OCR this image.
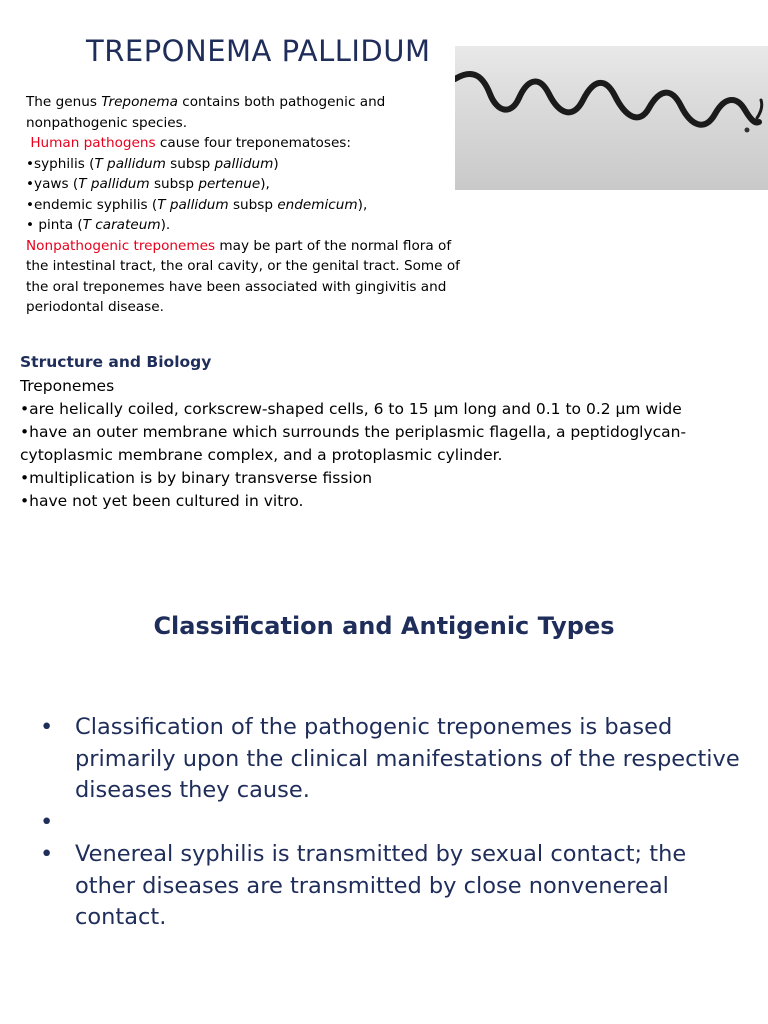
TREPONEMA PALLIDUM

The genus Treponema contains both pathogenic and nonpathogenic species.

Human pathogens cause four treponematoses:

•syphilis (T pallidum subsp pallidum)

•yaws (T pallidum subsp pertenue),

•endemic syphilis (T pallidum subsp endemicum),

• pinta (T carateum).

Nonpathogenic treponemes may be part of the normal flora of the intestinal tract, the oral cavity, or the genital tract. Some of the oral treponemes have been associated with gingivitis and periodontal disease.

Structure and Biology

Treponemes

•are helically coiled, corkscrew-shaped cells, 6 to 15 μm long and 0.1 to 0.2 μm wide

•have an outer membrane which surrounds the periplasmic flagella, a peptidoglycan-cytoplasmic membrane complex, and a protoplasmic cylinder.

•multiplication is by binary transverse fission

•have not yet been cultured in vitro.

Classification and Antigenic Types
• Classification of the pathogenic treponemes is based primarily upon the clinical manifestations of the respective diseases they cause.
•
• Venereal syphilis is transmitted by sexual contact; the other diseases are transmitted by close nonvenereal contact.
